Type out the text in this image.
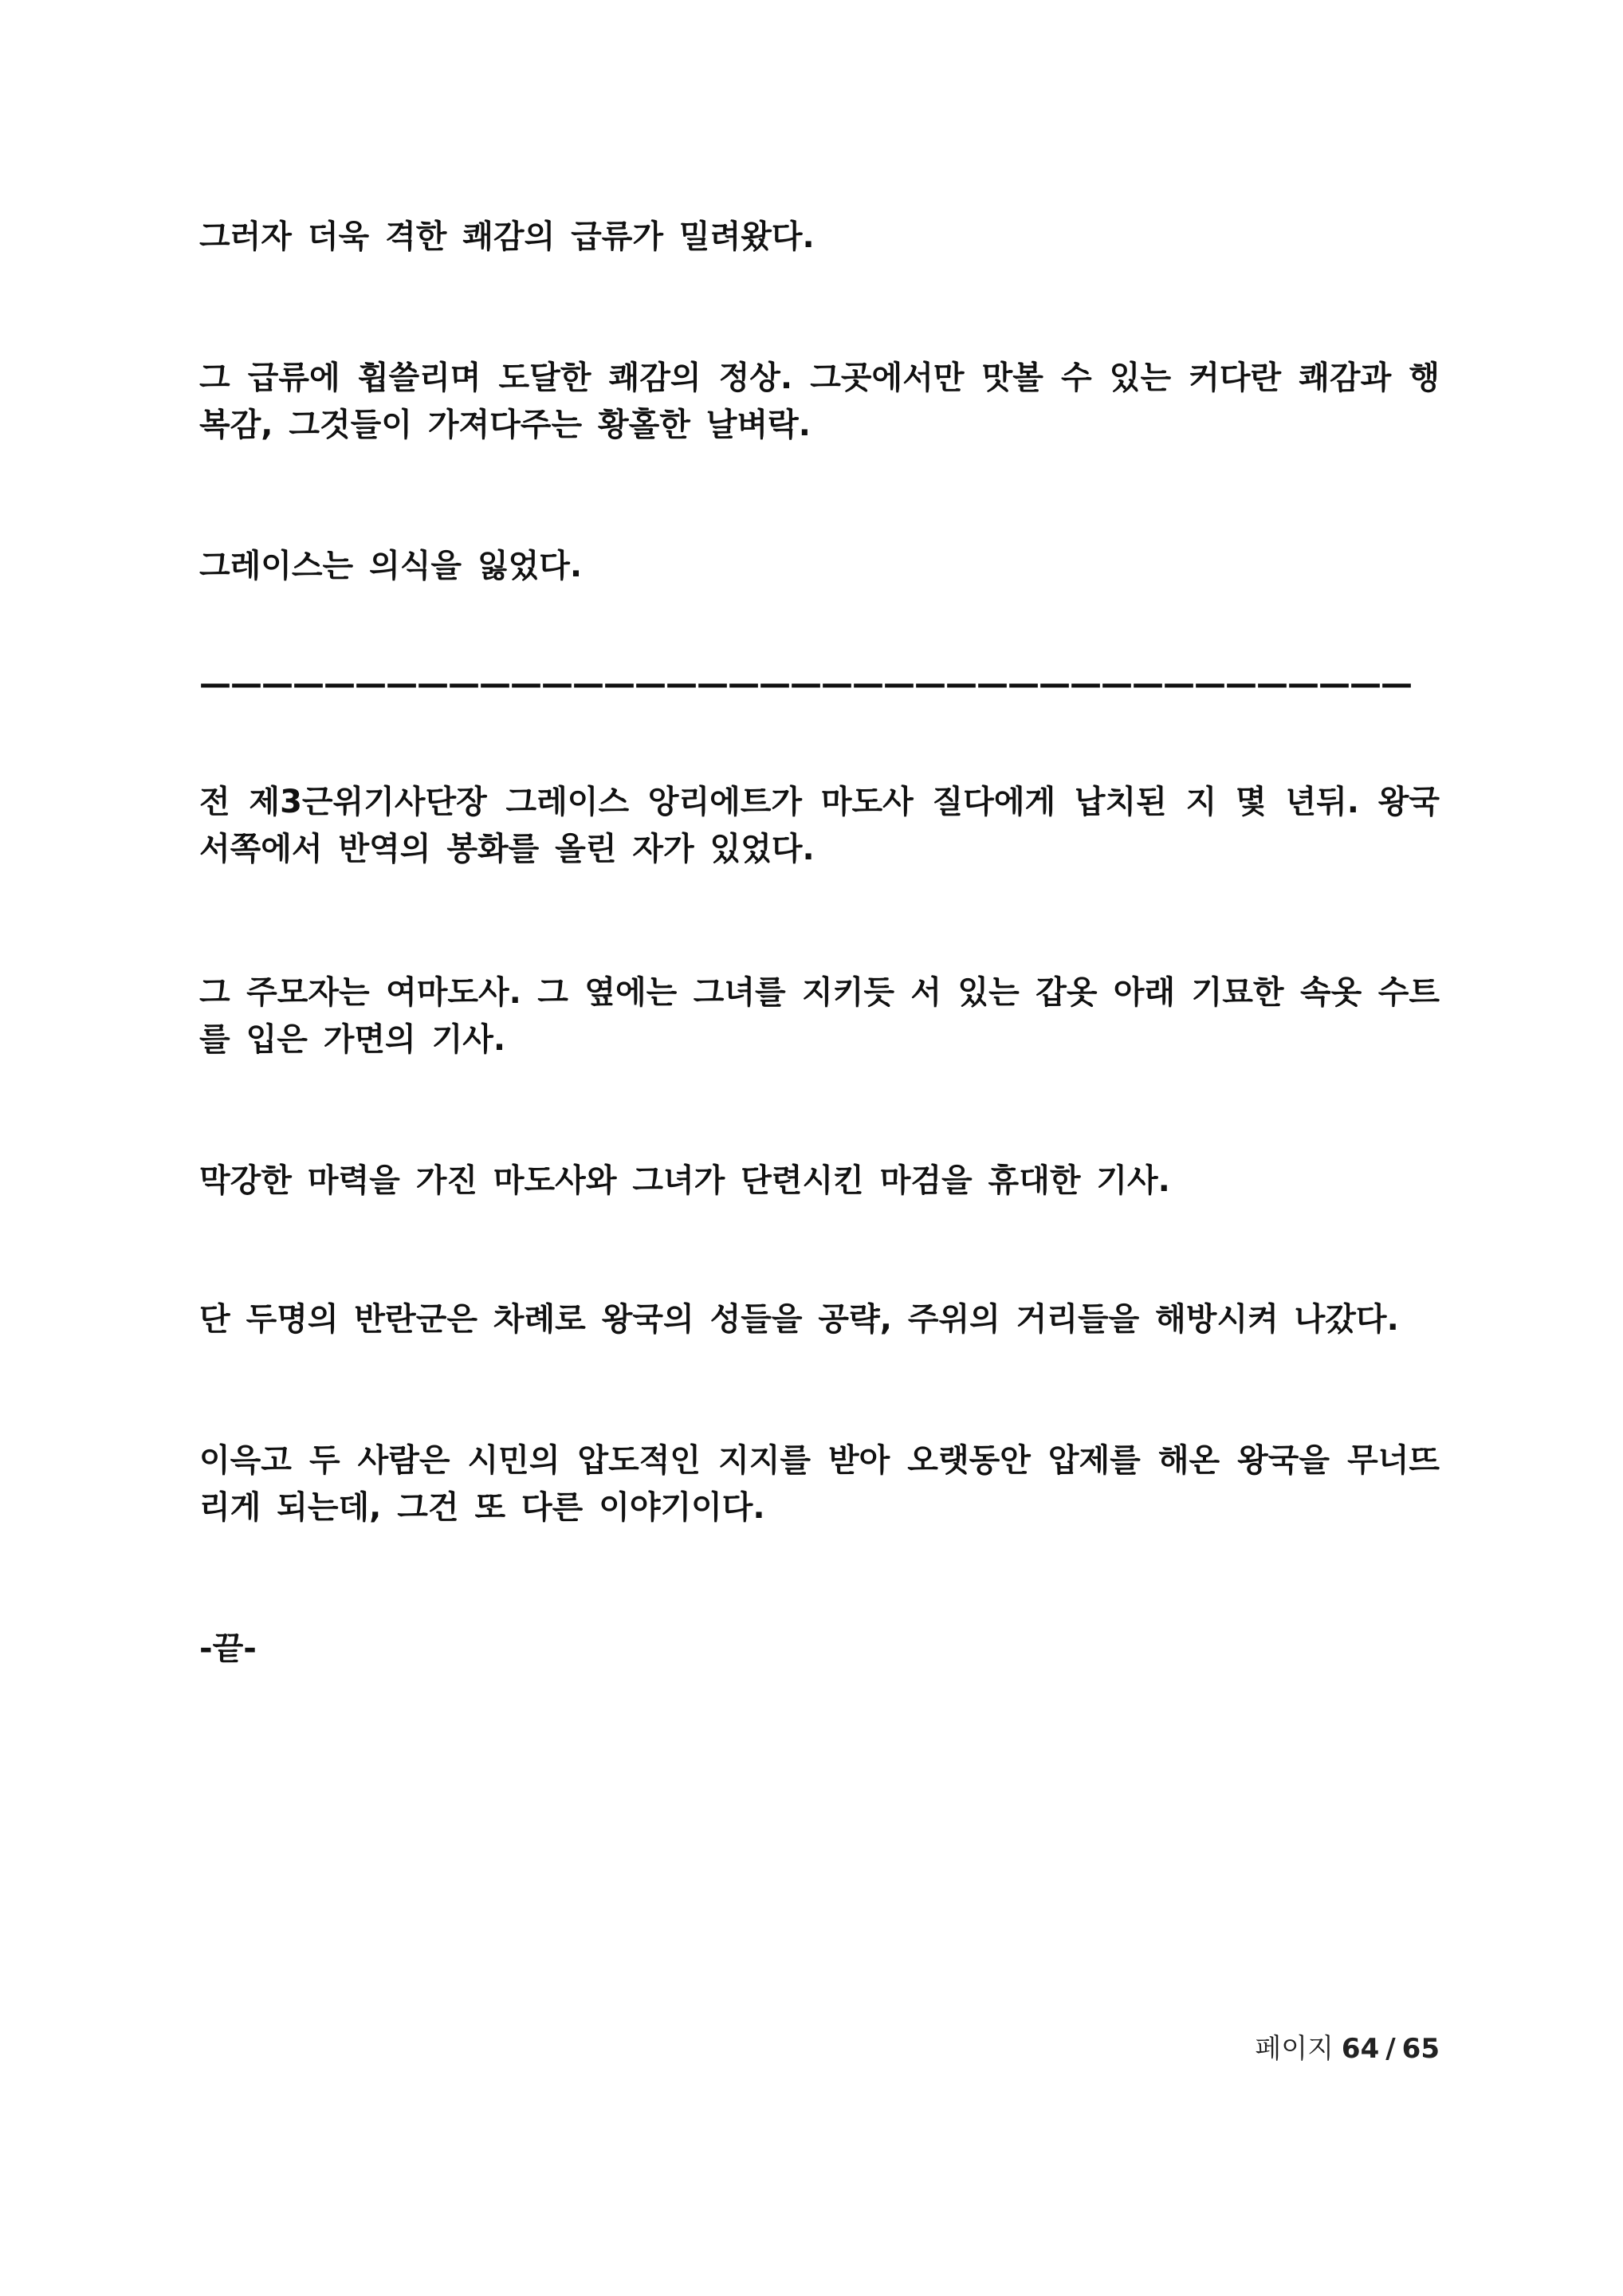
그러자 더욱 격한 쾌감의 급류가 밀려왔다.

그 급류에 휩쓸리며 도달한 쾌감의 정상. 그곳에서만 맛볼 수 있는 커다란 쾌감과 행복감, 그것들이 가져다주는 황홀한 날벼락.

그레이스는 의식을 잃었다.

———————————————————————————————————————

전 제3근위기사단장 그레이스 앙리에트가 마도사 질다에게 납치된 지 몇 년뒤. 왕국 서쪽에서 반역의 봉화를 올린 자가 있었다.

그 주모자는 여마도사. 그 옆에는 그녀를 지키듯 서 있는 갑옷 아래 기묘한 속옷 수트를 입은 가면의 기사.

막강한 마력을 가진 마도사와 그녀가 단련시킨 마검을 휴대한 기사.

단 두명의 반란군은 차례로 왕국의 성들을 공략, 주위의 거리들을 해방시켜 나갔다.

이윽고 두 사람은 시민의 압도적인 지지를 받아 오랫동안 압제를 해온 왕국을 무너뜨리게 되는데, 그건 또 다른 이야기이다.

-끝-

페이지 64 / 65
